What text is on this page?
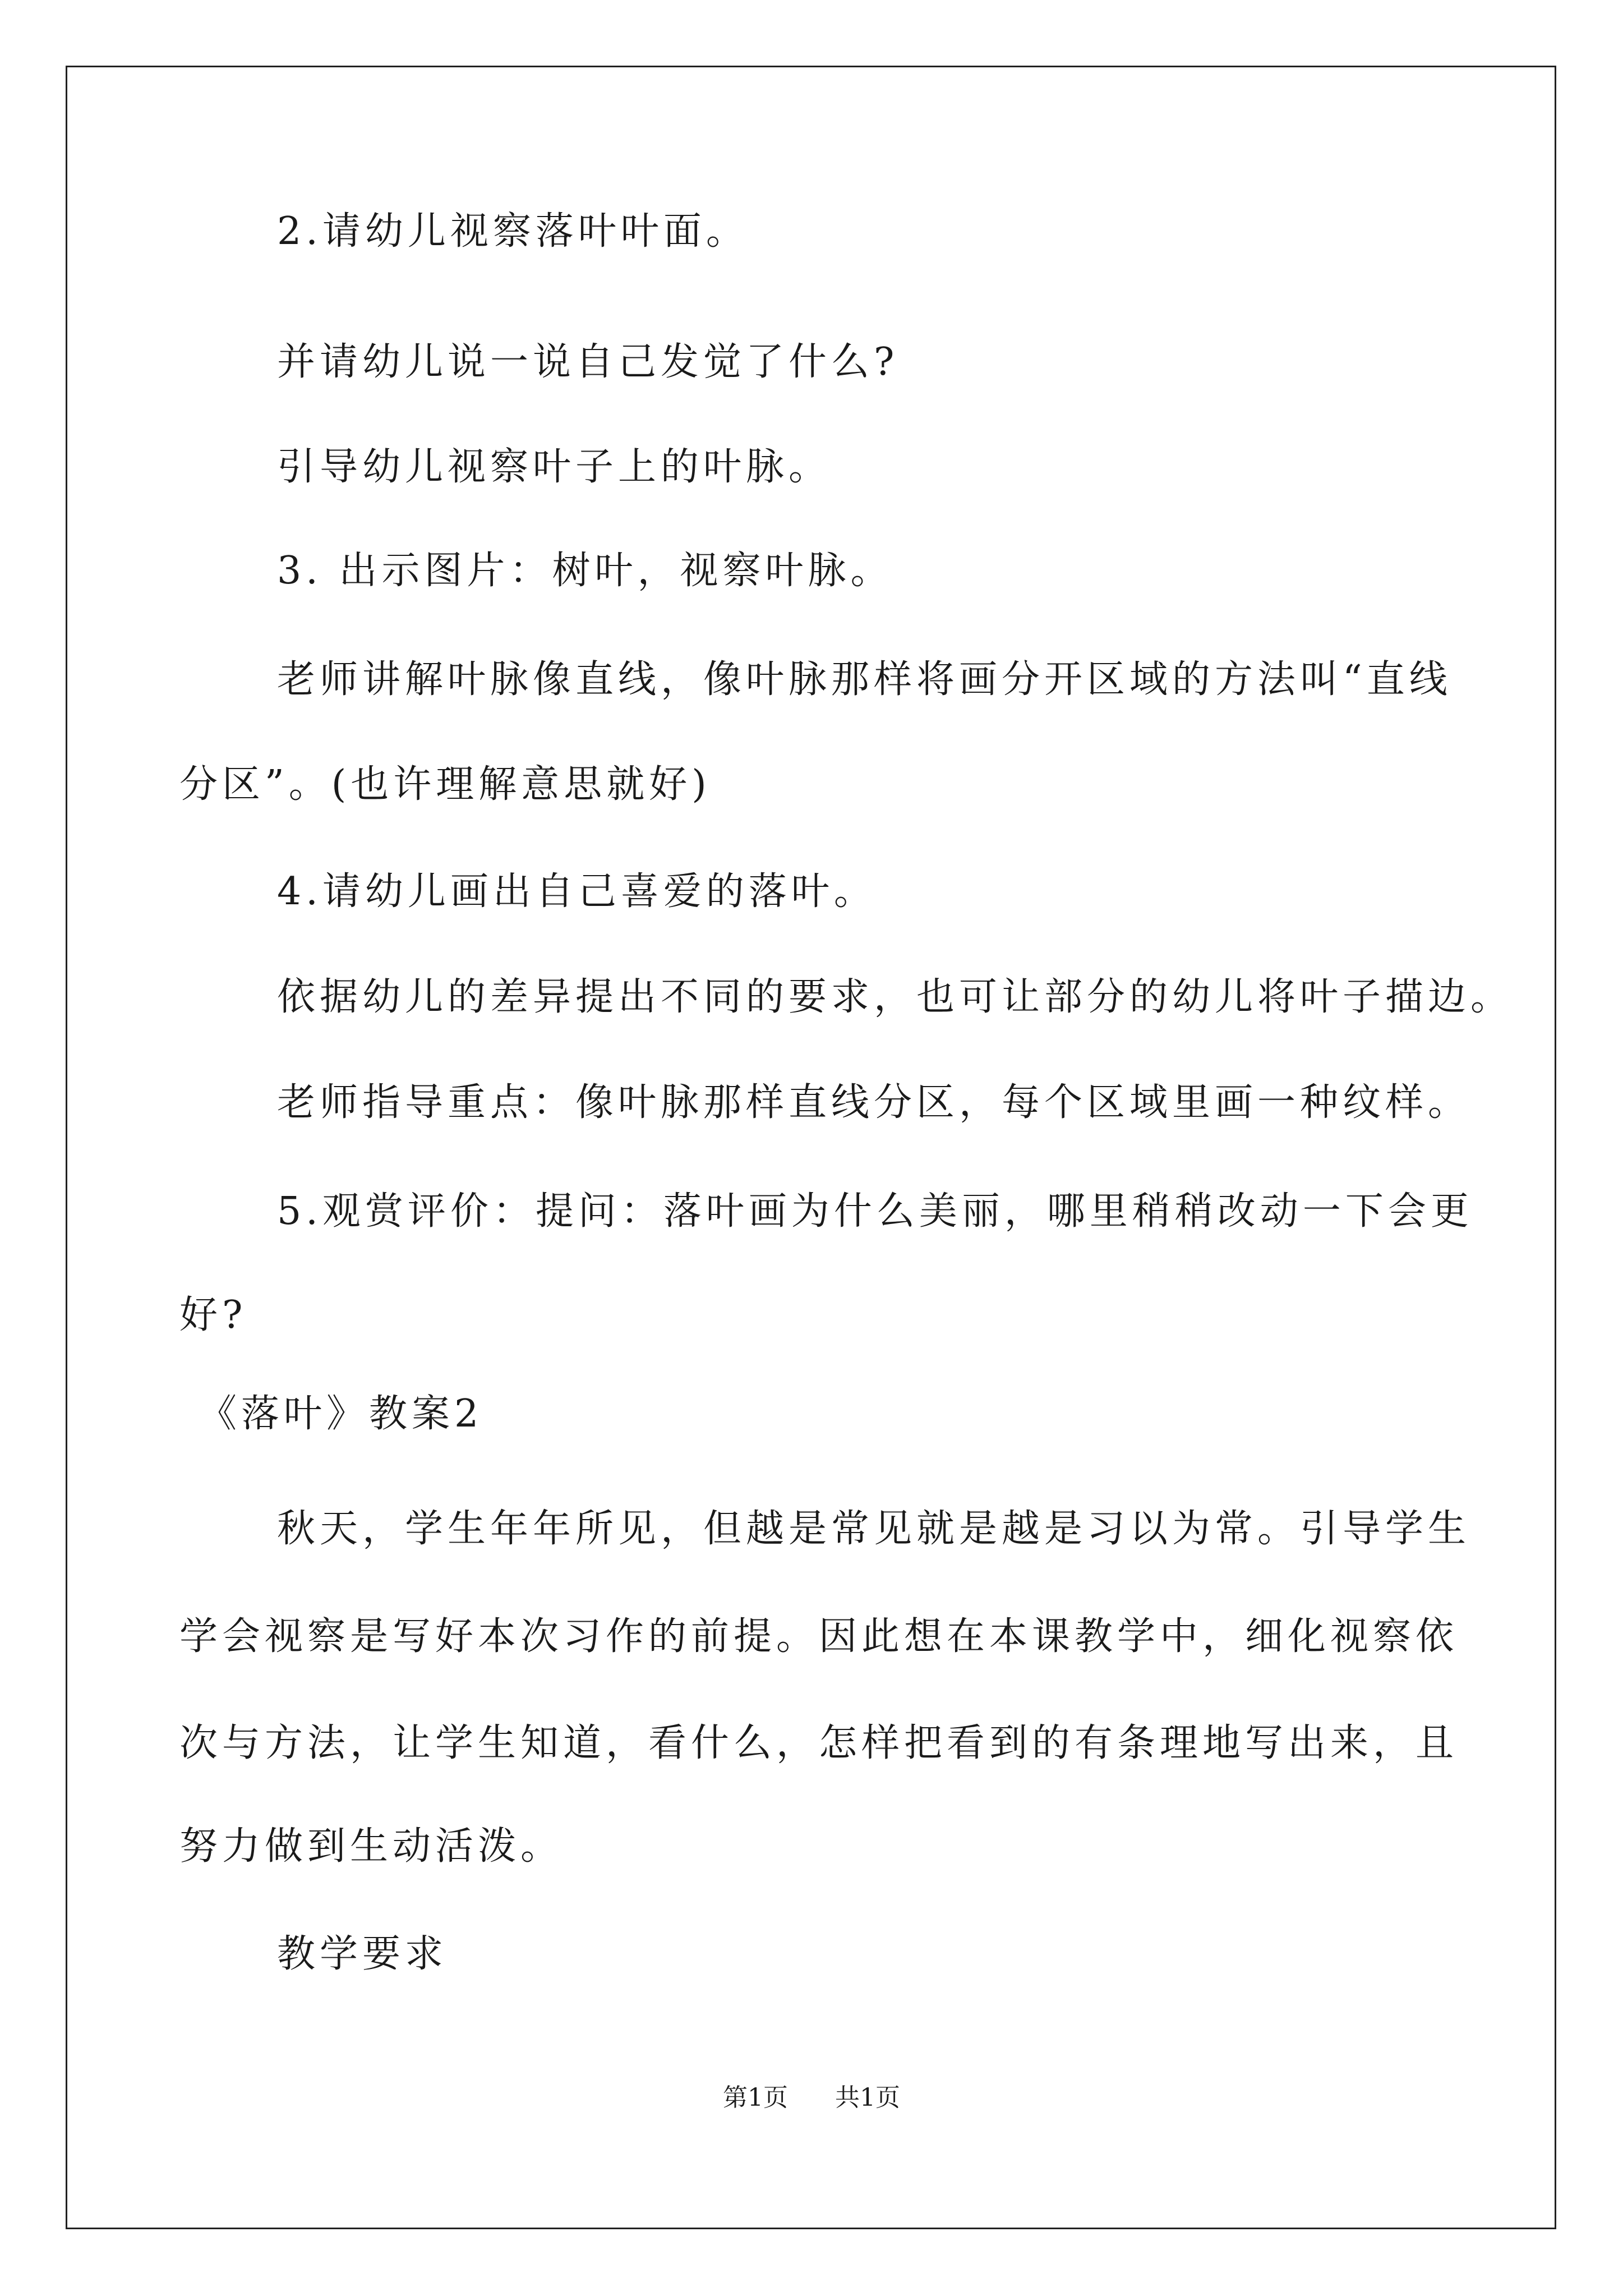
2.请幼儿视察落叶叶面。
并请幼儿说一说自己发觉了什么?
引导幼儿视察叶子上的叶脉。
3. 出示图片：树叶，视察叶脉。
老师讲解叶脉像直线，像叶脉那样将画分开区域的方法叫“直线
分区”。(也许理解意思就好)
4.请幼儿画出自己喜爱的落叶。
依据幼儿的差异提出不同的要求，也可让部分的幼儿将叶子描边。
老师指导重点：像叶脉那样直线分区，每个区域里画一种纹样。
5.观赏评价：提问：落叶画为什么美丽，哪里稍稍改动一下会更
好?
《落叶》教案2
秋天，学生年年所见，但越是常见就是越是习以为常。引导学生
学会视察是写好本次习作的前提。因此想在本课教学中，细化视察依
次与方法，让学生知道，看什么，怎样把看到的有条理地写出来，且
努力做到生动活泼。
教学要求
第1页 共1页
